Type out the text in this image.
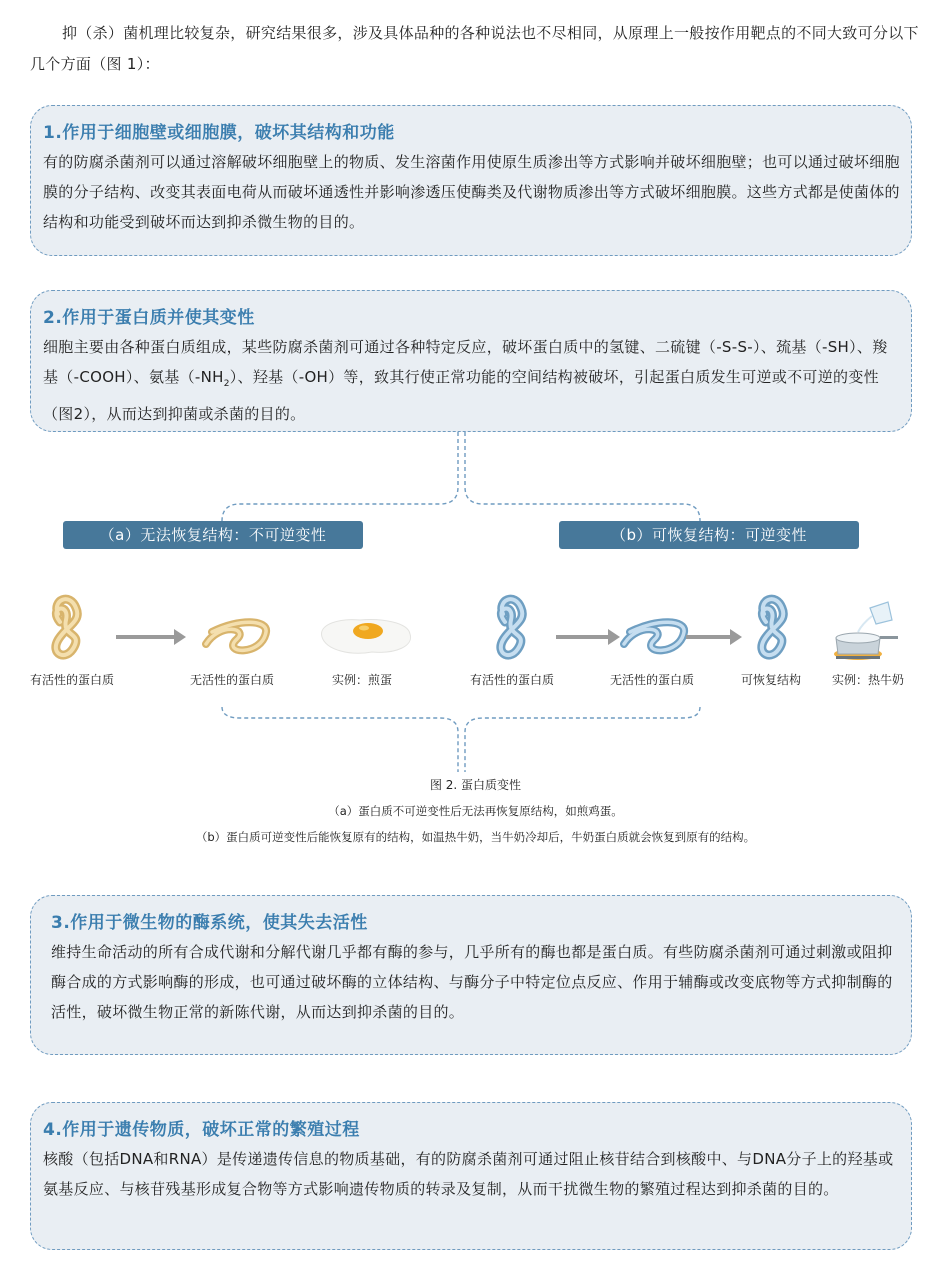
抑（杀）菌机理比较复杂，研究结果很多，涉及具体品种的各种说法也不尽相同，从原理上一般按作用靶点的不同大致可分以下几个方面（图 1）：
1.作用于细胞壁或细胞膜，破坏其结构和功能

有的防腐杀菌剂可以通过溶解破坏细胞壁上的物质、发生溶菌作用使原生质渗出等方式影响并破坏细胞壁；也可以通过破坏细胞膜的分子结构、改变其表面电荷从而破坏通透性并影响渗透压使酶类及代谢物质渗出等方式破坏细胞膜。这些方式都是使菌体的结构和功能受到破坏而达到抑杀微生物的目的。

2.作用于蛋白质并使其变性

细胞主要由各种蛋白质组成，某些防腐杀菌剂可通过各种特定反应，破坏蛋白质中的氢键、二硫键（-S-S-）、巯基（-SH）、羧基（-COOH）、氨基$(-NH_2)$、羟基（-OH）等，致其行使正常功能的空间结构被破坏，引起蛋白质发生可逆或不可逆的变性（图2），从而达到抑菌或杀菌的目的。

（a）无法恢复结构：不可逆变性	（b）可恢复结构：可逆变性
有活性的蛋白质	无活性的蛋白质	实例：煎蛋	有活性的蛋白质	无活性的蛋白质	可恢复结构	实例：热牛奶
图 2. 蛋白质变性
（a）蛋白质不可逆变性后无法再恢复原结构，如煎鸡蛋。
（b）蛋白质可逆变性后能恢复原有的结构，如温热牛奶，当牛奶冷却后，牛奶蛋白质就会恢复到原有的结构。
3.作用于微生物的酶系统，使其失去活性

维持生命活动的所有合成代谢和分解代谢几乎都有酶的参与，几乎所有的酶也都是蛋白质。有些防腐杀菌剂可通过刺激或阻抑酶合成的方式影响酶的形成，也可通过破坏酶的立体结构、与酶分子中特定位点反应、作用于辅酶或改变底物等方式抑制酶的活性，破坏微生物正常的新陈代谢，从而达到抑杀菌的目的。

4.作用于遗传物质，破坏正常的繁殖过程

核酸（包括DNA和RNA）是传递遗传信息的物质基础，有的防腐杀菌剂可通过阻止核苷结合到核酸中、与DNA分子上的羟基或氨基反应、与核苷残基形成复合物等方式影响遗传物质的转录及复制，从而干扰微生物的繁殖过程达到抑杀菌的目的。
